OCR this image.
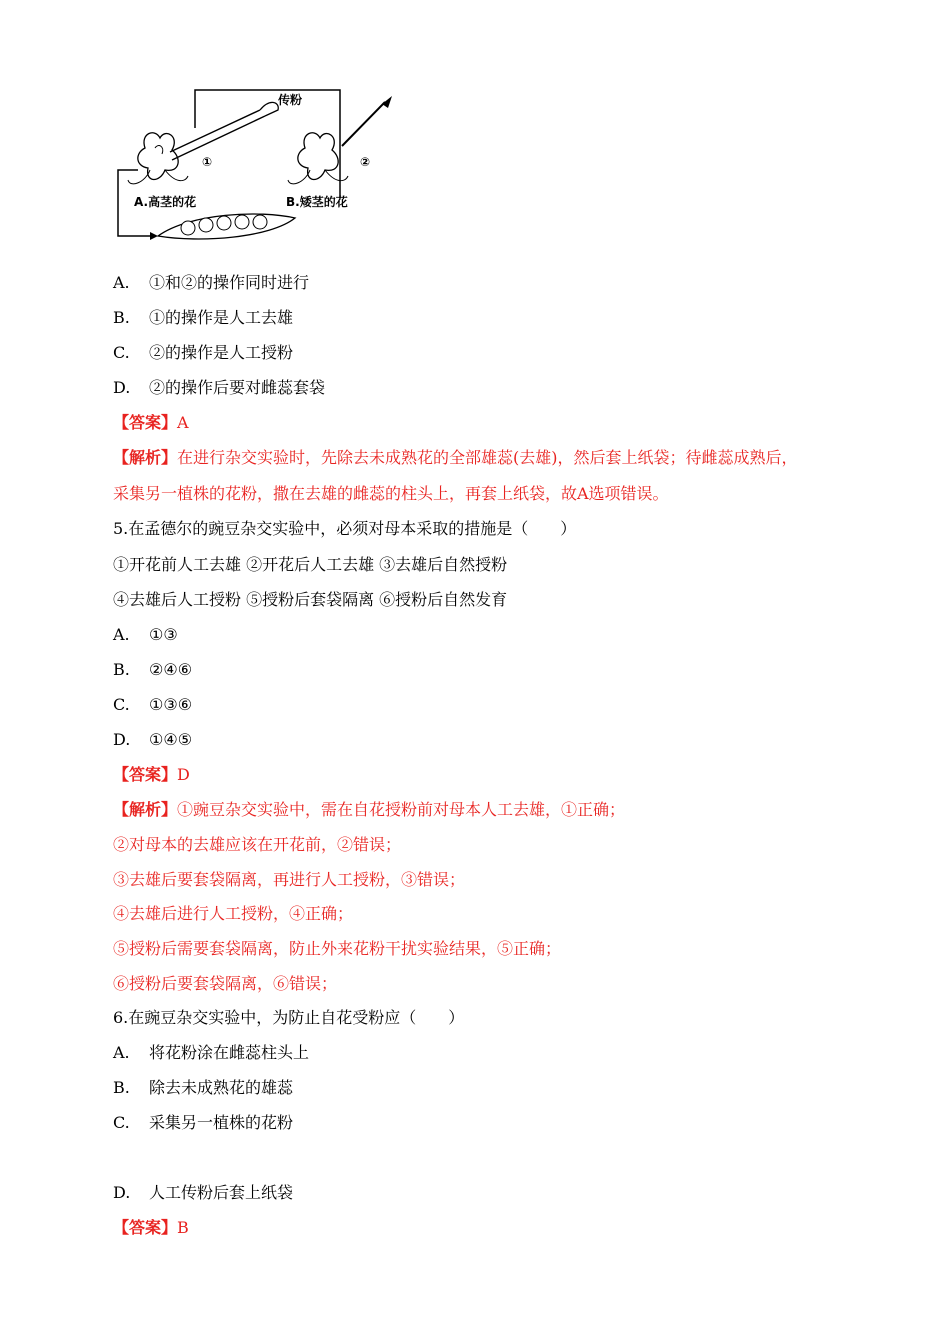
传粉
①	②
A.高茎的花	B.矮茎的花
A. ①和②的操作同时进行
B. ①的操作是人工去雄
C. ②的操作是人工授粉
D. ②的操作后要对雌蕊套袋
【答案】A
【解析】在进行杂交实验时，先除去未成熟花的全部雄蕊(去雄)，然后套上纸袋；待雌蕊成熟后，
采集另一植株的花粉，撒在去雄的雌蕊的柱头上，再套上纸袋，故A选项错误。
5.在孟德尔的豌豆杂交实验中，必须对母本采取的措施是（　　）
①开花前人工去雄 ②开花后人工去雄 ③去雄后自然授粉
④去雄后人工授粉 ⑤授粉后套袋隔离 ⑥授粉后自然发育
A. ①③
B. ②④⑥
C. ①③⑥
D. ①④⑤
【答案】D
【解析】①豌豆杂交实验中，需在自花授粉前对母本人工去雄，①正确；
②对母本的去雄应该在开花前，②错误；
③去雄后要套袋隔离，再进行人工授粉，③错误；
④去雄后进行人工授粉，④正确；
⑤授粉后需要套袋隔离，防止外来花粉干扰实验结果，⑤正确；
⑥授粉后要套袋隔离，⑥错误；
6.在豌豆杂交实验中，为防止自花受粉应（　　）
A. 将花粉涂在雌蕊柱头上
B. 除去未成熟花的雄蕊
C. 采集另一植株的花粉
D. 人工传粉后套上纸袋
【答案】B
